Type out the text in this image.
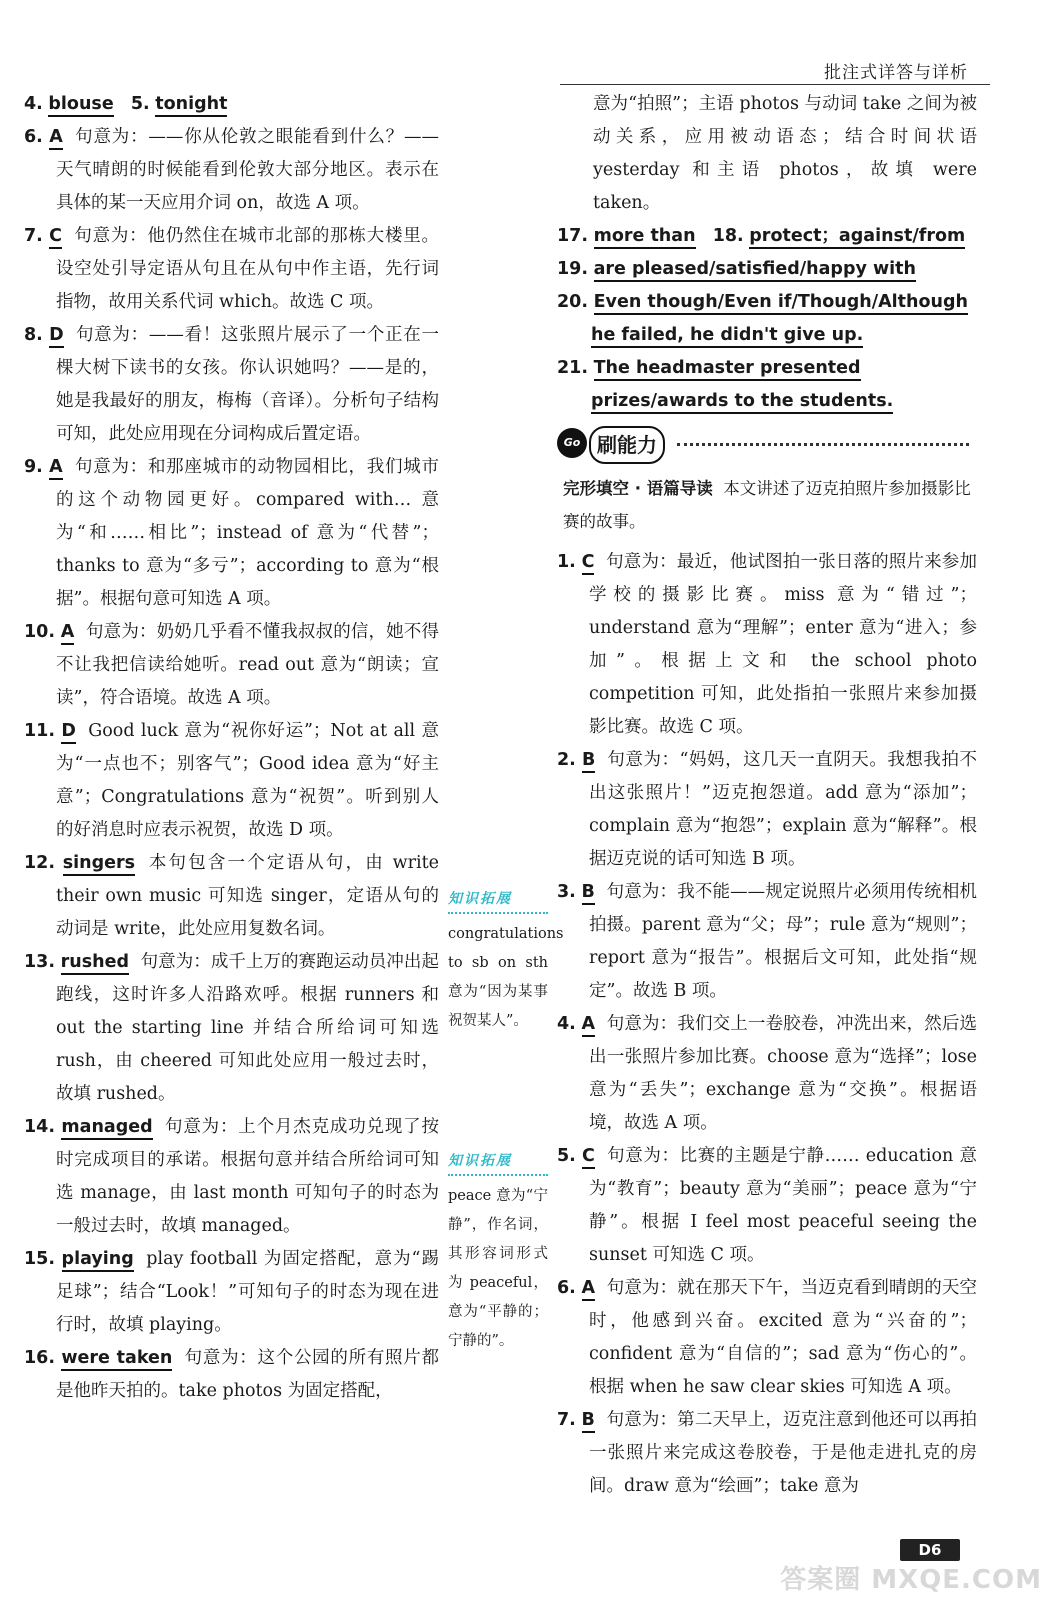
批注式详答与详析

4. blouse 5. tonight

6. A 句意为：——你从伦敦之眼能看到什么？——天气晴朗的时候能看到伦敦大部分地区。表示在具体的某一天应用介词 on，故选 A 项。

7. C 句意为：他仍然住在城市北部的那栋大楼里。设空处引导定语从句且在从句中作主语，先行词指物，故用关系代词 which。故选 C 项。

8. D 句意为：——看！这张照片展示了一个正在一棵大树下读书的女孩。你认识她吗？——是的，她是我最好的朋友，梅梅（音译）。分析句子结构可知，此处应用现在分词构成后置定语。

9. A 句意为：和那座城市的动物园相比，我们城市的这个动物园更好。compared with… 意为“和……相比”；instead of 意为“代替”；thanks to 意为“多亏”；according to 意为“根据”。根据句意可知选 A 项。

10. A 句意为：奶奶几乎看不懂我叔叔的信，她不得不让我把信读给她听。read out 意为“朗读；宣读”，符合语境。故选 A 项。

11. D Good luck 意为“祝你好运”；Not at all 意为“一点也不；别客气”；Good idea 意为“好主意”；Congratulations 意为“祝贺”。听到别人的好消息时应表示祝贺，故选 D 项。

12. singers 本句包含一个定语从句，由 write their own music 可知选 singer，定语从句的动词是 write，此处应用复数名词。

13. rushed 句意为：成千上万的赛跑运动员冲出起跑线，这时许多人沿路欢呼。根据 runners 和 out the starting line 并结合所给词可知选 rush，由 cheered 可知此处应用一般过去时，故填 rushed。

14. managed 句意为：上个月杰克成功兑现了按时完成项目的承诺。根据句意并结合所给词可知选 manage，由 last month 可知句子的时态为一般过去时，故填 managed。

15. playing play football 为固定搭配，意为“踢足球”；结合“Look！”可知句子的时态为现在进行时，故填 playing。

16. were taken 句意为：这个公园的所有照片都是他昨天拍的。take photos 为固定搭配，

意为“拍照”；主语 photos 与动词 take 之间为被动关系，应用被动语态；结合时间状语 yesterday 和主语 photos，故填 were taken。

17. more than 18. protect；against/from

19. are pleased/satisfied/happy with

20. Even though/Even if/Though/Although he failed, he didn't give up.

21. The headmaster presented prizes/awards to the students.

Go 刷能力

完形填空 · 语篇导读 本文讲述了迈克拍照片参加摄影比赛的故事。

1. C 句意为：最近，他试图拍一张日落的照片来参加学校的摄影比赛。miss 意为“错过”；understand 意为“理解”；enter 意为“进入；参加”。根据上文和 the school photo competition 可知，此处指拍一张照片来参加摄影比赛。故选 C 项。

2. B 句意为：“妈妈，这几天一直阴天。我想我拍不出这张照片！”迈克抱怨道。add 意为“添加”；complain 意为“抱怨”；explain 意为“解释”。根据迈克说的话可知选 B 项。

3. B 句意为：我不能——规定说照片必须用传统相机拍摄。parent 意为“父；母”；rule 意为“规则”；report 意为“报告”。根据后文可知，此处指“规定”。故选 B 项。

4. A 句意为：我们交上一卷胶卷，冲洗出来，然后选出一张照片参加比赛。choose 意为“选择”；lose 意为“丢失”；exchange 意为“交换”。根据语境，故选 A 项。

5. C 句意为：比赛的主题是宁静…… education 意为“教育”；beauty 意为“美丽”；peace 意为“宁静”。根据 I feel most peaceful seeing the sunset 可知选 C 项。

6. A 句意为：就在那天下午，当迈克看到晴朗的天空时，他感到兴奋。excited 意为“兴奋的”；confident 意为“自信的”；sad 意为“伤心的”。根据 when he saw clear skies 可知选 A 项。

7. B 句意为：第二天早上，迈克注意到他还可以再拍一张照片来完成这卷胶卷，于是他走进扎克的房间。draw 意为“绘画”；take 意为

知识拓展

congratulations to sb on sth 意为“因为某事祝贺某人”。

知识拓展

peace 意为“宁静”，作名词，其形容词形式为 peaceful，意为“平静的；宁静的”。

D6
答案圈 MXQE.COM
